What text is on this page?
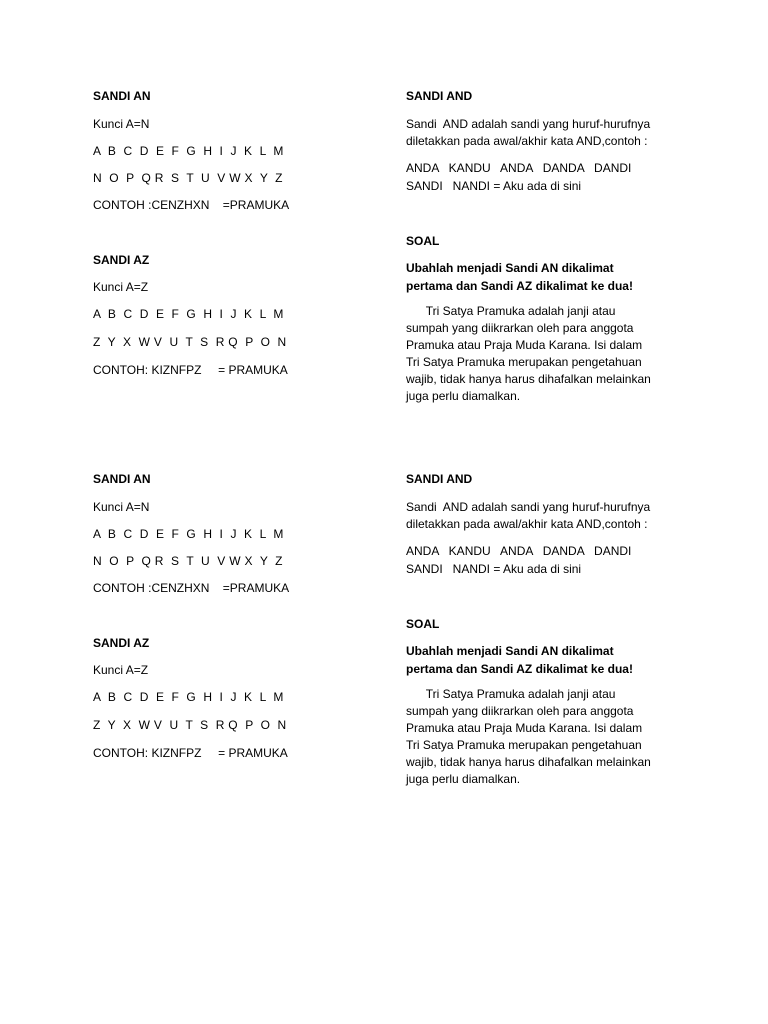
SANDI AN
Kunci A=N
A  B  C  D  E  F  G  H  I  J  K  L  M
N  O  P  Q R  S  T  U  V W X  Y  Z
CONTOH :CENZHXN    =PRAMUKA
SANDI AZ
Kunci A=Z
A  B  C  D  E  F  G  H  I  J  K  L  M
Z  Y  X  W V  U  T  S  R Q  P  O  N
CONTOH: KIZNFPZ     = PRAMUKA
SANDI AND
Sandi  AND adalah sandi yang huruf-hurufnya
diletakkan pada awal/akhir kata AND,contoh :
ANDA   KANDU   ANDA   DANDA   DANDI
SANDI   NANDI = Aku ada di sini
SOAL
Ubahlah menjadi Sandi AN dikalimat
pertama dan Sandi AZ dikalimat ke dua!
Tri Satya Pramuka adalah janji atau
sumpah yang diikrarkan oleh para anggota
Pramuka atau Praja Muda Karana. Isi dalam
Tri Satya Pramuka merupakan pengetahuan
wajib, tidak hanya harus dihafalkan melainkan
juga perlu diamalkan.
SANDI AN
Kunci A=N
A  B  C  D  E  F  G  H  I  J  K  L  M
N  O  P  Q R  S  T  U  V W X  Y  Z
CONTOH :CENZHXN    =PRAMUKA
SANDI AZ
Kunci A=Z
A  B  C  D  E  F  G  H  I  J  K  L  M
Z  Y  X  W V  U  T  S  R Q  P  O  N
CONTOH: KIZNFPZ     = PRAMUKA
SANDI AND
Sandi  AND adalah sandi yang huruf-hurufnya
diletakkan pada awal/akhir kata AND,contoh :
ANDA   KANDU   ANDA   DANDA   DANDI
SANDI   NANDI = Aku ada di sini
SOAL
Ubahlah menjadi Sandi AN dikalimat
pertama dan Sandi AZ dikalimat ke dua!
Tri Satya Pramuka adalah janji atau
sumpah yang diikrarkan oleh para anggota
Pramuka atau Praja Muda Karana. Isi dalam
Tri Satya Pramuka merupakan pengetahuan
wajib, tidak hanya harus dihafalkan melainkan
juga perlu diamalkan.
